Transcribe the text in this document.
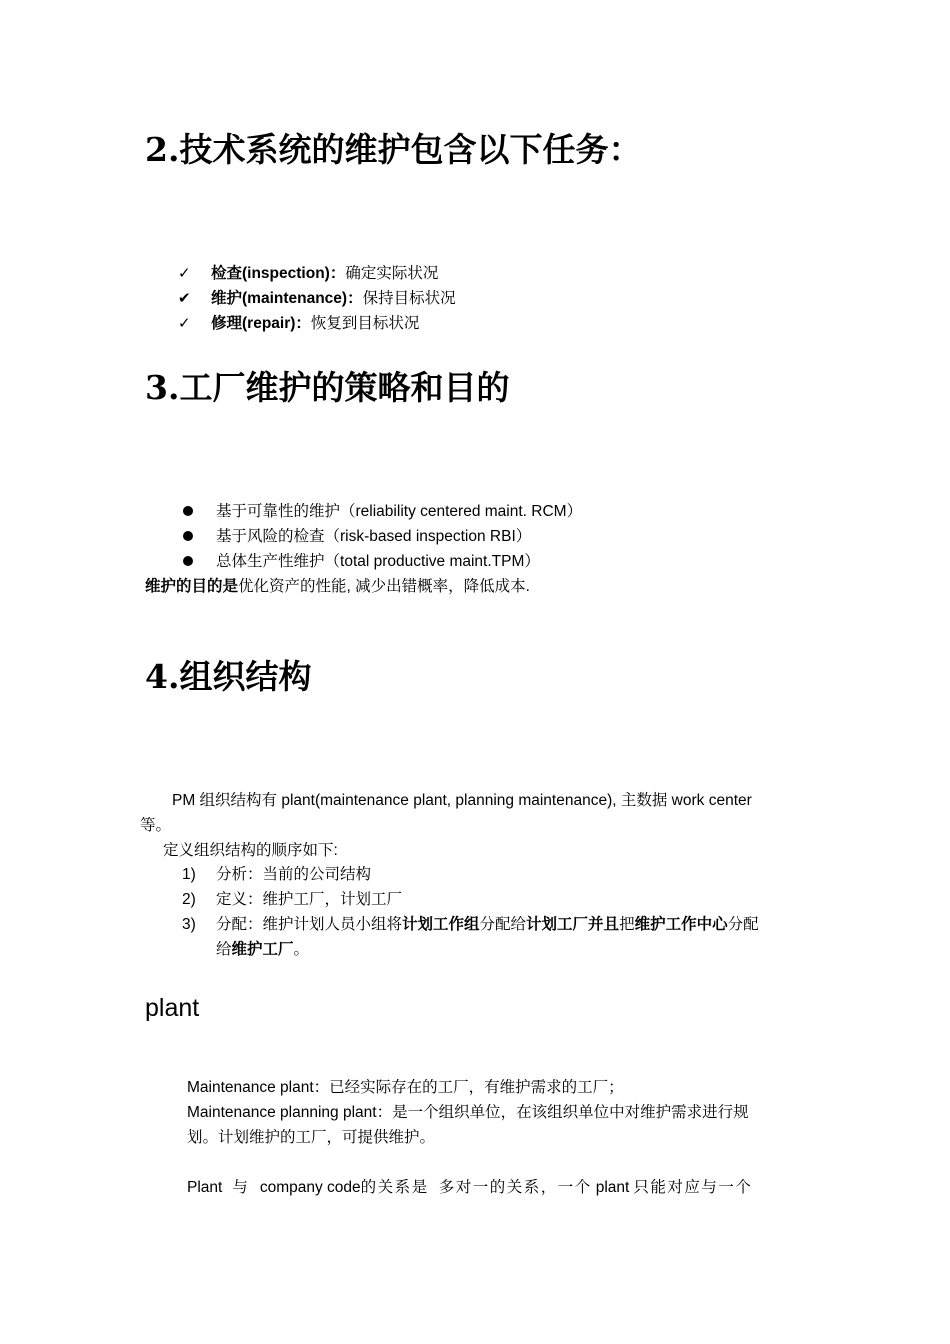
2.技术系统的维护包含以下任务：
✓ 检查(inspection)：确定实际状况
✔ 维护(maintenance)：保持目标状况
✓ 修理(repair)：恢复到目标状况
3.工厂维护的策略和目的
基于可靠性的维护（reliability centered maint. RCM）
基于风险的检查（risk-based inspection RBI）
总体生产性维护（total productive maint.TPM）
维护的目的是优化资产的性能, 减少出错概率，降低成本.
4.组织结构
PM 组织结构有 plant(maintenance plant, planning maintenance), 主数据 work center
等。
定义组织结构的顺序如下:
1) 分析：当前的公司结构
2) 定义：维护工厂，计划工厂
3) 分配：维护计划人员小组将计划工作组分配给计划工厂并且把维护工作中心分配
给维护工厂。
plant
Maintenance plant：已经实际存在的工厂，有维护需求的工厂；
Maintenance planning plant：是一个组织单位，在该组织单位中对维护需求进行规
划。计划维护的工厂，可提供维护。
Plant 与 company code的关系是 多对一的关系，一个 plant 只能对应与一个
